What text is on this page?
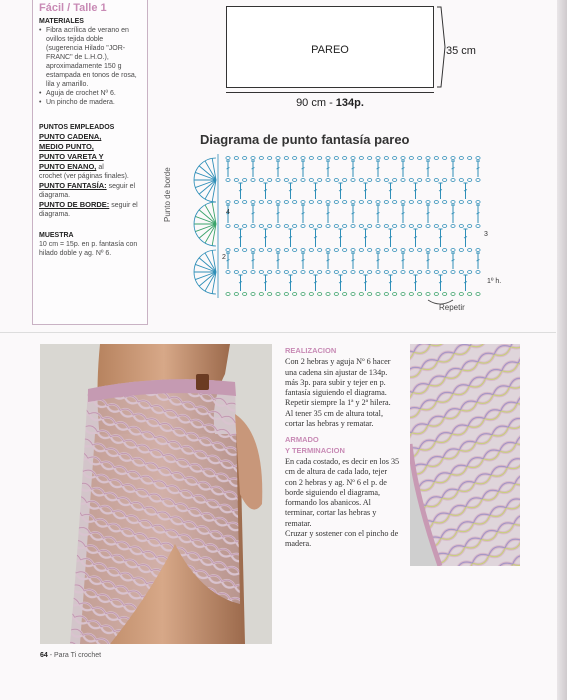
Fácil / Talle 1
MATERIALES
• Fibra acrílica de verano en ovillos tejida doble (sugerencia Hilado "JOR-FRANC" de L.H.O.), aproximadamente 150 g estampada en tonos de rosa, lila y amarillo.
• Aguja de crochet Nº 6.
• Un pincho de madera.
PUNTOS EMPLEADOS
PUNTO CADENA,
MEDIO PUNTO,
PUNTO VARETA Y
PUNTO ENANO, al
crochet (ver páginas finales).
PUNTO FANTASÍA: seguir el diagrama.
PUNTO DE BORDE: seguir el diagrama.
MUESTRA
10 cm = 15p. en p. fantasía con hilado doble y ag. Nº 6.
PAREO	35 cm
90 cm - 134p.
Diagrama de punto fantasía pareo
Punto de borde	4
3
2
1º h.
Repetir
REALIZACION
Con 2 hebras y aguja Nº 6 hacer una cadena sin ajustar de 134p. más 3p. para subir y tejer en p. fantasía siguiendo el diagrama. Repetir siempre la 1ª y 2ª hilera.
Al tener 35 cm de altura total, cortar las hebras y rematar.
ARMADO
Y TERMINACION
En cada costado, es decir en los 35 cm de altura de cada lado, tejer con 2 hebras y ag. Nº 6 el p. de borde siguiendo el diagrama, formando los abanicos. Al terminar, cortar las hebras y rematar.
Cruzar y sostener con el pincho de madera.
64 - Para Ti crochet
